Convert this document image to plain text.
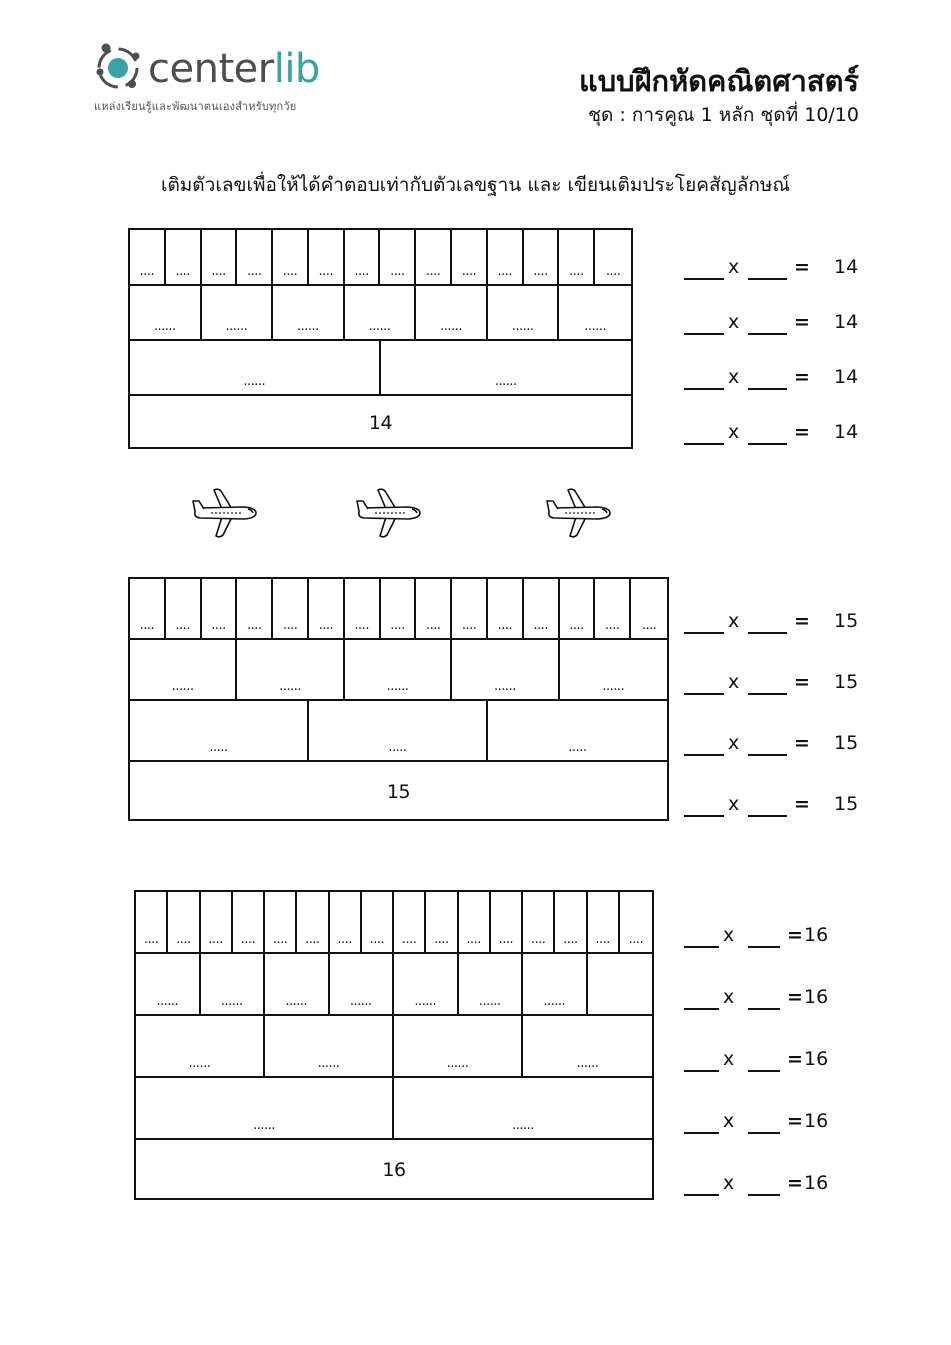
centerlib
แหล่งเรียนรู้และพัฒนาตนเองสำหรับทุกวัย
แบบฝึกหัดคณิตศาสตร์
ชุด : การคูณ 1 หลัก ชุดที่ 10/10
เติมตัวเลขเพื่อให้ได้คำตอบเท่ากับตัวเลขฐาน และ เขียนเติมประโยคสัญลักษณ์
....	....	....	....	....	....	....	....	....	....	....	....	....	....
......	......	......	......	......	......	......
......	......
14
x	= 14
x	= 14
x	= 14
x	= 14
....	....	....	....	....	....	....	....	....	....	....	....	....	....	....
......	......	......	......	......
.....	.....	.....
15
x	= 15
x	= 15
x	= 15
x	= 15
....	....	....	....	....	....	....	....	....	....	....	....	....	....	....	....
......	......	......	......	......	......	......
......	......	......	......
......	......
16
x	= 16
x	= 16
x	= 16
x	= 16
x	= 16
